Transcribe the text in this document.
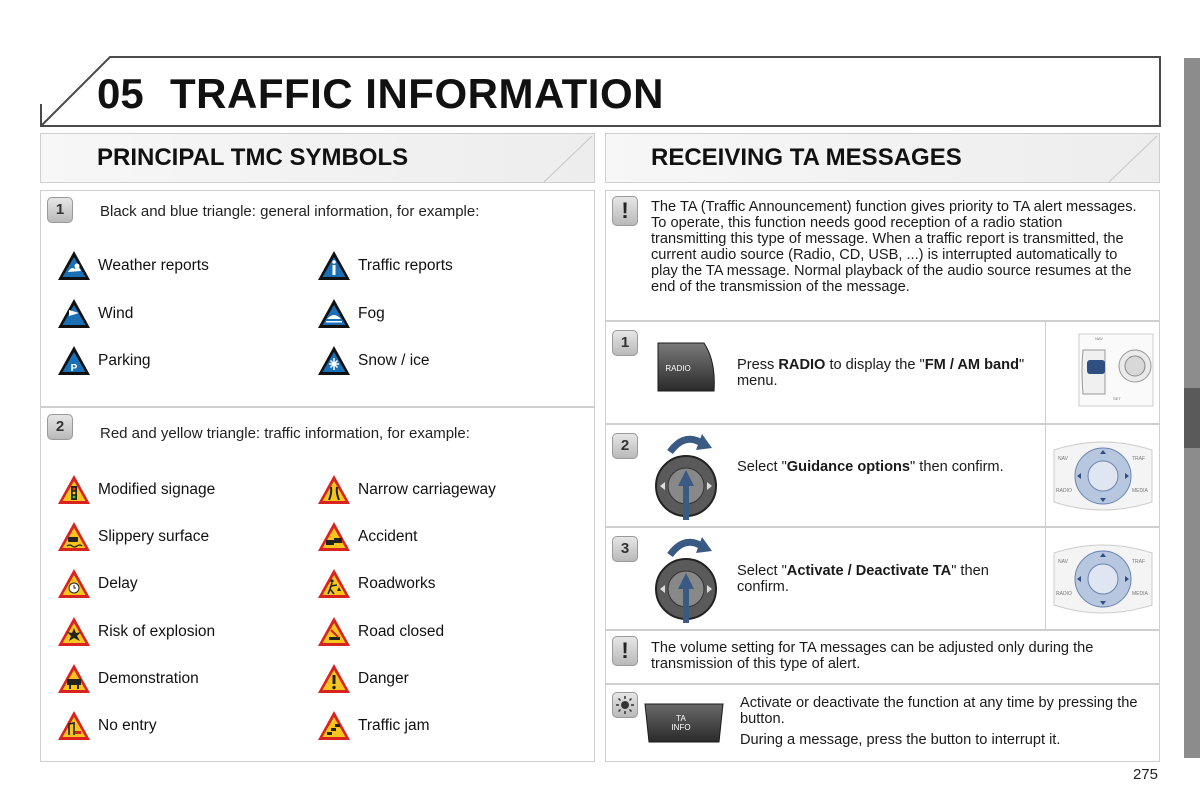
05 TRAFFIC INFORMATION
PRINCIPAL TMC SYMBOLS	RECEIVING TA MESSAGES
1	Black and blue triangle: general information, for example:
2	Red and yellow triangle: traffic information, for example:
Weather reports	Traffic reports
Wind	Fog
P Parking	Snow / ice
Modified signage	Narrow carriageway
Slippery surface	Accident
Delay	Roadworks
Risk of explosion	Road closed
Demonstration	Danger
No entry	Traffic jam
!	The TA (Traffic Announcement) function gives priority to TA alert messages. To operate, this function needs good reception of a radio station transmitting this type of message. When a traffic report is transmitted, the current audio source (Radio, CD, USB, ...) is interrupted automatically to play the TA message. Normal playback of the audio source resumes at the end of the transmission of the message.
1
RADIO	Press RADIO to display the "FM / AM band" menu.
NAV
SET
2
Select "Guidance options" then confirm.	NAV	TRAF
RADIO	MEDIA
3
Select "Activate / Deactivate TA" then confirm.
NAV	TRAF
RADIO	MEDIA
!	The volume setting for TA messages can be adjusted only during the transmission of this type of alert.
TA
INFO
Activate or deactivate the function at any time by pressing the button.
During a message, press the button to interrupt it.
275
